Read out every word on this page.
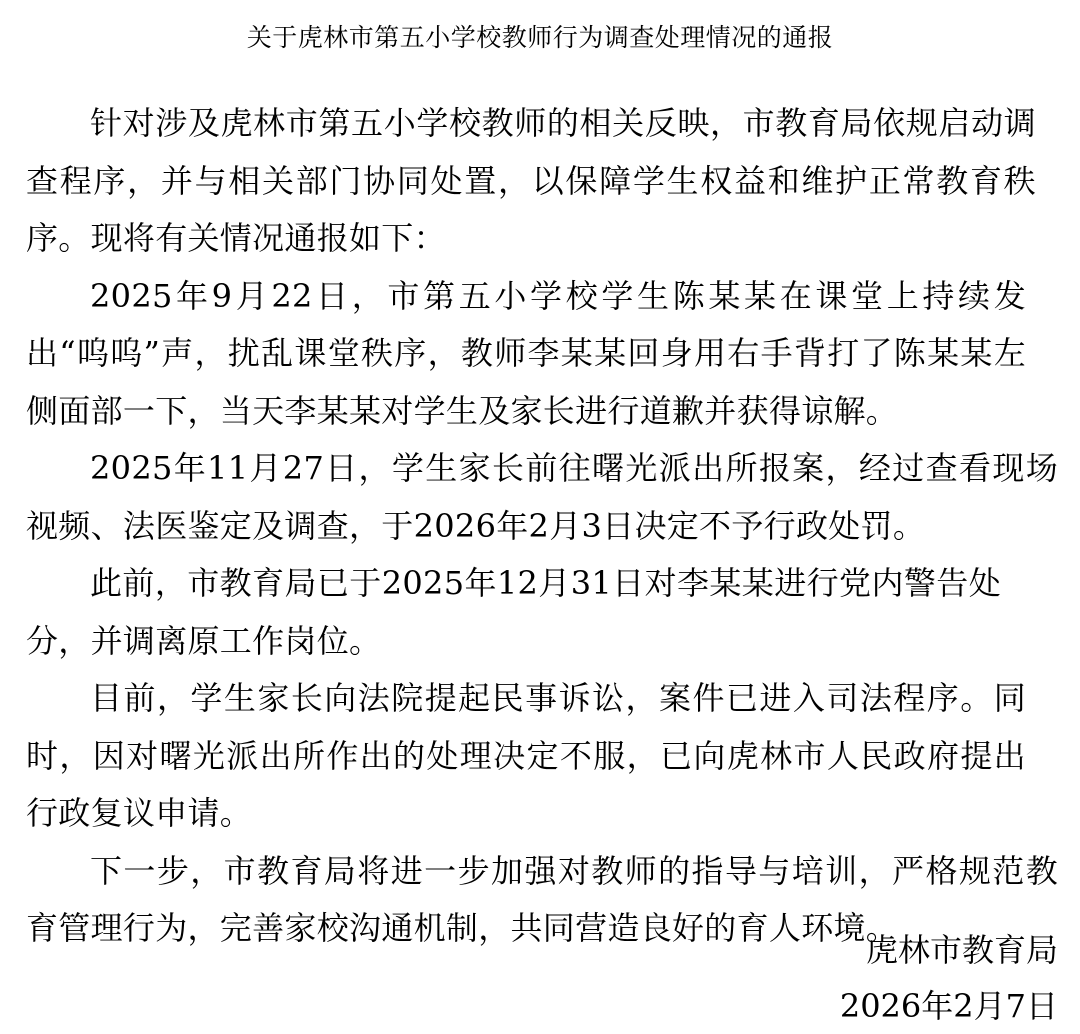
关于虎林市第五小学校教师行为调查处理情况的通报

针对涉及虎林市第五小学校教师的相关反映，市教育局依规启动调查程序，并与相关部门协同处置，以保障学生权益和维护正常教育秩序。现将有关情况通报如下：

2025年9月22日，市第五小学校学生陈某某在课堂上持续发出“呜呜”声，扰乱课堂秩序，教师李某某回身用右手背打了陈某某左侧面部一下，当天李某某对学生及家长进行道歉并获得谅解。

2025年11月27日，学生家长前往曙光派出所报案，经过查看现场视频、法医鉴定及调查，于2026年2月3日决定不予行政处罚。

此前，市教育局已于2025年12月31日对李某某进行党内警告处分，并调离原工作岗位。

目前，学生家长向法院提起民事诉讼，案件已进入司法程序。同时，因对曙光派出所作出的处理决定不服，已向虎林市人民政府提出行政复议申请。

下一步，市教育局将进一步加强对教师的指导与培训，严格规范教育管理行为，完善家校沟通机制，共同营造良好的育人环境。

虎林市教育局
2026年2月7日
